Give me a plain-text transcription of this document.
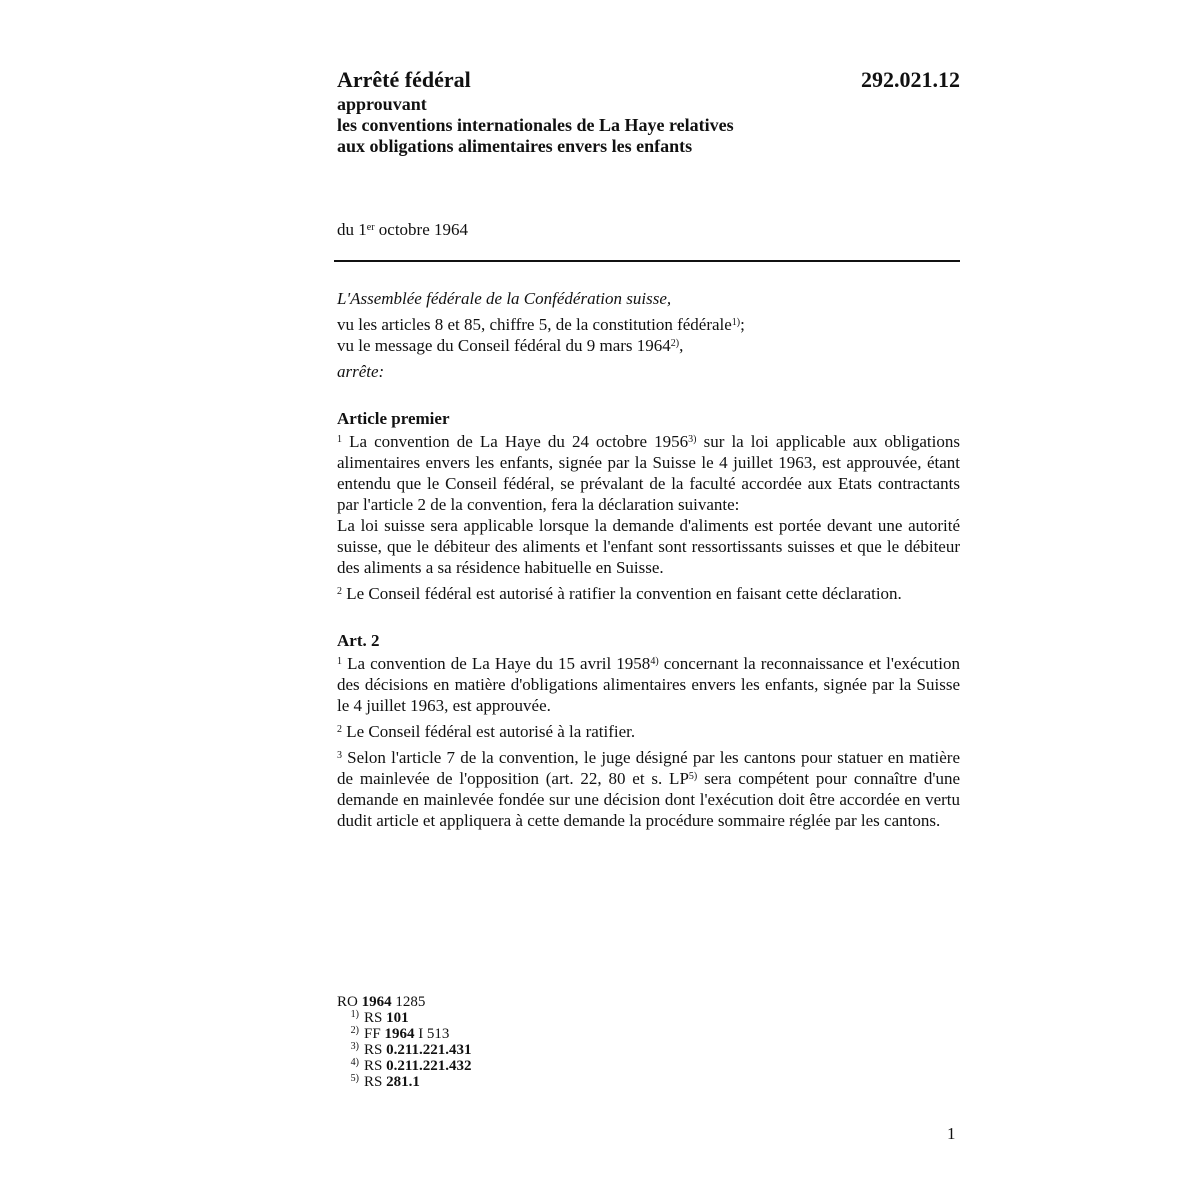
Arrêté fédéral	292.021.12
approuvant
les conventions internationales de La Haye relatives
aux obligations alimentaires envers les enfants
du 1er octobre 1964

L'Assemblée fédérale de la Confédération suisse,

vu les articles 8 et 85, chiffre 5, de la constitution fédérale$^{1)}$;

vu le message du Conseil fédéral du 9 mars 1964$^{2)}$,

arrête:

Article premier

$^1$ La convention de La Haye du 24 octobre 1956$^{3)}$ sur la loi applicable aux obligations alimentaires envers les enfants, signée par la Suisse le 4 juillet 1963, est approuvée, étant entendu que le Conseil fédéral, se prévalant de la faculté accordée aux Etats contractants par l'article 2 de la convention, fera la déclaration suivante:

La loi suisse sera applicable lorsque la demande d'aliments est portée devant une autorité suisse, que le débiteur des aliments et l'enfant sont ressortissants suisses et que le débiteur des aliments a sa résidence habituelle en Suisse.

$^2$ Le Conseil fédéral est autorisé à ratifier la convention en faisant cette déclaration.

Art. 2

$^1$ La convention de La Haye du 15 avril 1958$^{4)}$ concernant la reconnaissance et l'exécution des décisions en matière d'obligations alimentaires envers les enfants, signée par la Suisse le 4 juillet 1963, est approuvée.

$^2$ Le Conseil fédéral est autorisé à la ratifier.

$^3$ Selon l'article 7 de la convention, le juge désigné par les cantons pour statuer en matière de mainlevée de l'opposition (art. 22, 80 et s. LP$^{5)}$ sera compétent pour connaître d'une demande en mainlevée fondée sur une décision dont l'exécution doit être accordée en vertu dudit article et appliquera à cette demande la procédure sommaire réglée par les cantons.

RO 1964 1285
$^{1)}$ RS 101
$^{2)}$ FF 1964 I 513
$^{3)}$ RS 0.211.221.431
$^{4)}$ RS 0.211.221.432
$^{5)}$ RS 281.1
1
